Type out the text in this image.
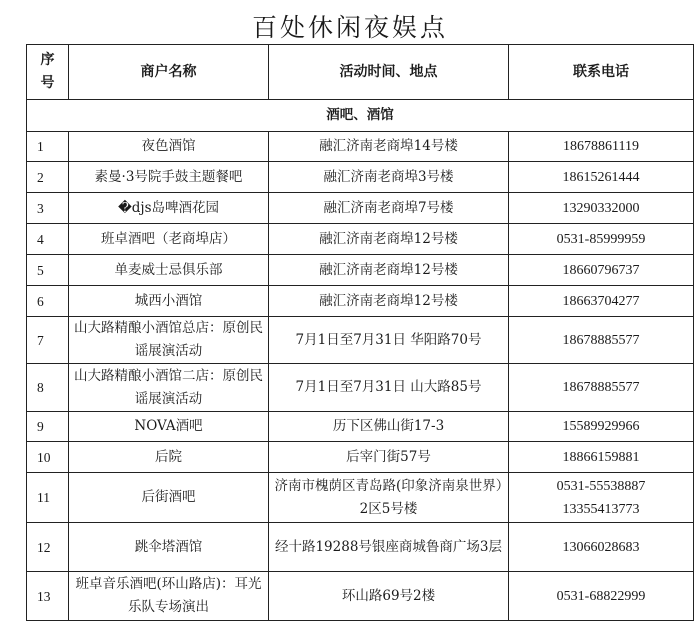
百处休闲夜娱点
序号	商户名称	活动时间、地点	联系电话
酒吧、酒馆			
1	夜色酒馆	融汇济南老商埠14号楼	18678861119
2	素曼·3号院手鼓主题餐吧	融汇济南老商埠3号楼	18615261444
3	�djs岛啤酒花园	融汇济南老商埠7号楼	13290332000
4	班卓酒吧（老商埠店）	融汇济南老商埠12号楼	0531-85999959
5	单麦威士忌俱乐部	融汇济南老商埠12号楼	18660796737
6	城西小酒馆	融汇济南老商埠12号楼	18663704277
7	山大路精酿小酒馆总店：原创民谣展演活动	7月1日至7月31日 华阳路70号	18678885577
8	山大路精酿小酒馆二店：原创民谣展演活动	7月1日至7月31日 山大路85号	18678885577
9	NOVA酒吧	历下区佛山街17-3	15589929966
10	后院	后宰门街57号	18866159881
11	后街酒吧	济南市槐荫区青岛路(印象济南泉世界）2区5号楼	0531-55538887
13355413773
12	跳伞塔酒馆	经十路19288号银座商城鲁商广场3层	13066028683
13	班卓音乐酒吧(环山路店)：耳光乐队专场演出	环山路69号2楼	0531-68822999
